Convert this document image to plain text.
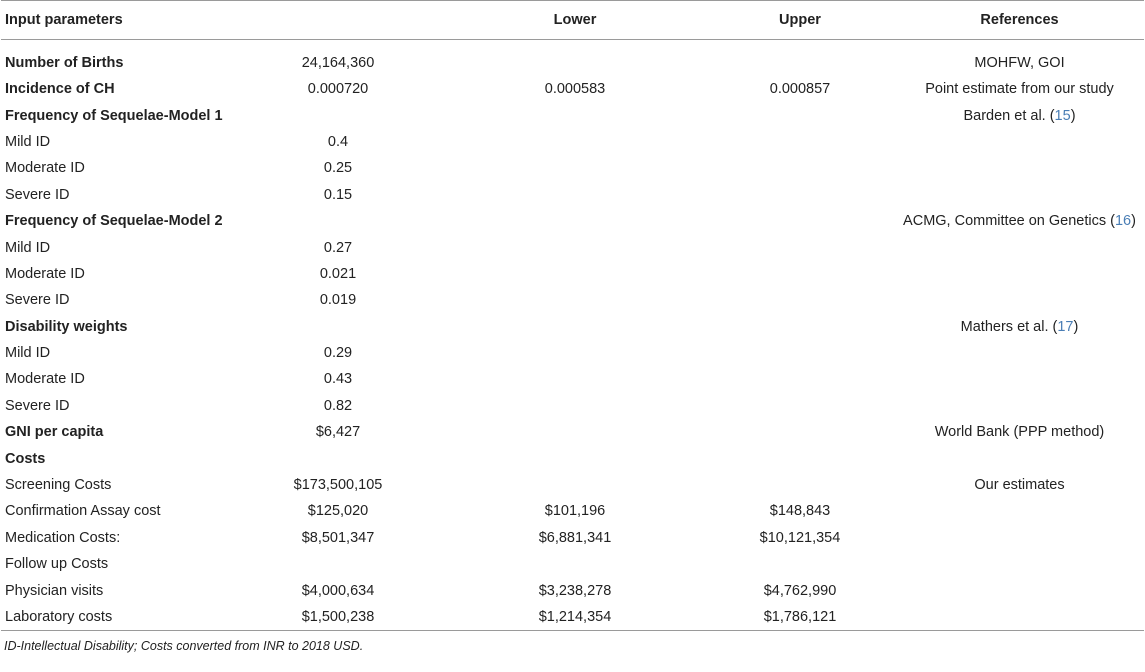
Input parameters		Lower	Upper	References
Number of Births	24,164,360			MOHFW, GOI
Incidence of CH	0.000720	0.000583	0.000857	Point estimate from our study
Frequency of Sequelae-Model 1				Barden et al. (15)
Mild ID	0.4			
Moderate ID	0.25			
Severe ID	0.15			
Frequency of Sequelae-Model 2				ACMG, Committee on Genetics (16)
Mild ID	0.27			
Moderate ID	0.021			
Severe ID	0.019			
Disability weights				Mathers et al. (17)
Mild ID	0.29			
Moderate ID	0.43			
Severe ID	0.82			
GNI per capita	$6,427			World Bank (PPP method)
Costs				
Screening Costs	$173,500,105			Our estimates
Confirmation Assay cost	$125,020	$101,196	$148,843	
Medication Costs:	$8,501,347	$6,881,341	$10,121,354	
Follow up Costs				
Physician visits	$4,000,634	$3,238,278	$4,762,990	
Laboratory costs	$1,500,238	$1,214,354	$1,786,121	
ID-Intellectual Disability; Costs converted from INR to 2018 USD.
